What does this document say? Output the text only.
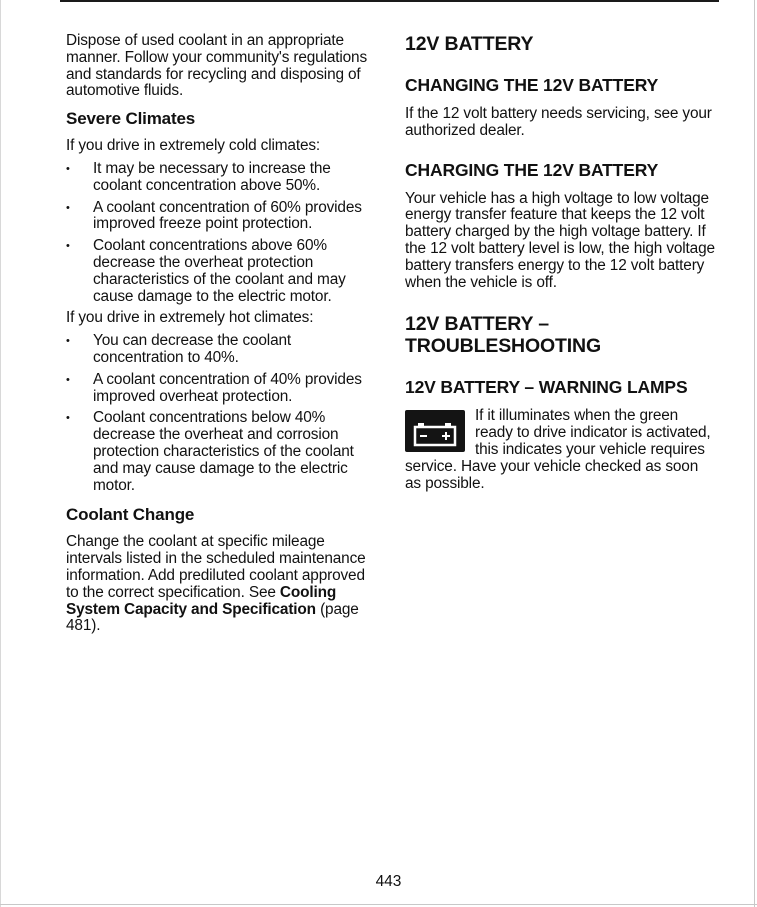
Dispose of used coolant in an appropriate manner. Follow your community's regulations and standards for recycling and disposing of automotive fluids.

Severe Climates

If you drive in extremely cold climates:

• It may be necessary to increase the coolant concentration above 50%.
• A coolant concentration of 60% provides improved freeze point protection.
• Coolant concentrations above 60% decrease the overheat protection characteristics of the coolant and may cause damage to the electric motor.

If you drive in extremely hot climates:

• You can decrease the coolant concentration to 40%.
• A coolant concentration of 40% provides improved overheat protection.
• Coolant concentrations below 40% decrease the overheat and corrosion protection characteristics of the coolant and may cause damage to the electric motor.
Coolant Change

Change the coolant at specific mileage intervals listed in the scheduled maintenance information. Add prediluted coolant approved to the correct specification. See Cooling System Capacity and Specification (page 481).

12V BATTERY
CHANGING THE 12V BATTERY

If the 12 volt battery needs servicing, see your authorized dealer.

CHARGING THE 12V BATTERY

Your vehicle has a high voltage to low voltage energy transfer feature that keeps the 12 volt battery charged by the high voltage battery. If the 12 volt battery level is low, the high voltage battery transfers energy to the 12 volt battery when the vehicle is off.

12V BATTERY – TROUBLESHOOTING
12V BATTERY – WARNING LAMPS

If it illuminates when the green ready to drive indicator is activated, this indicates your vehicle requires service. Have your vehicle checked as soon as possible.

443
